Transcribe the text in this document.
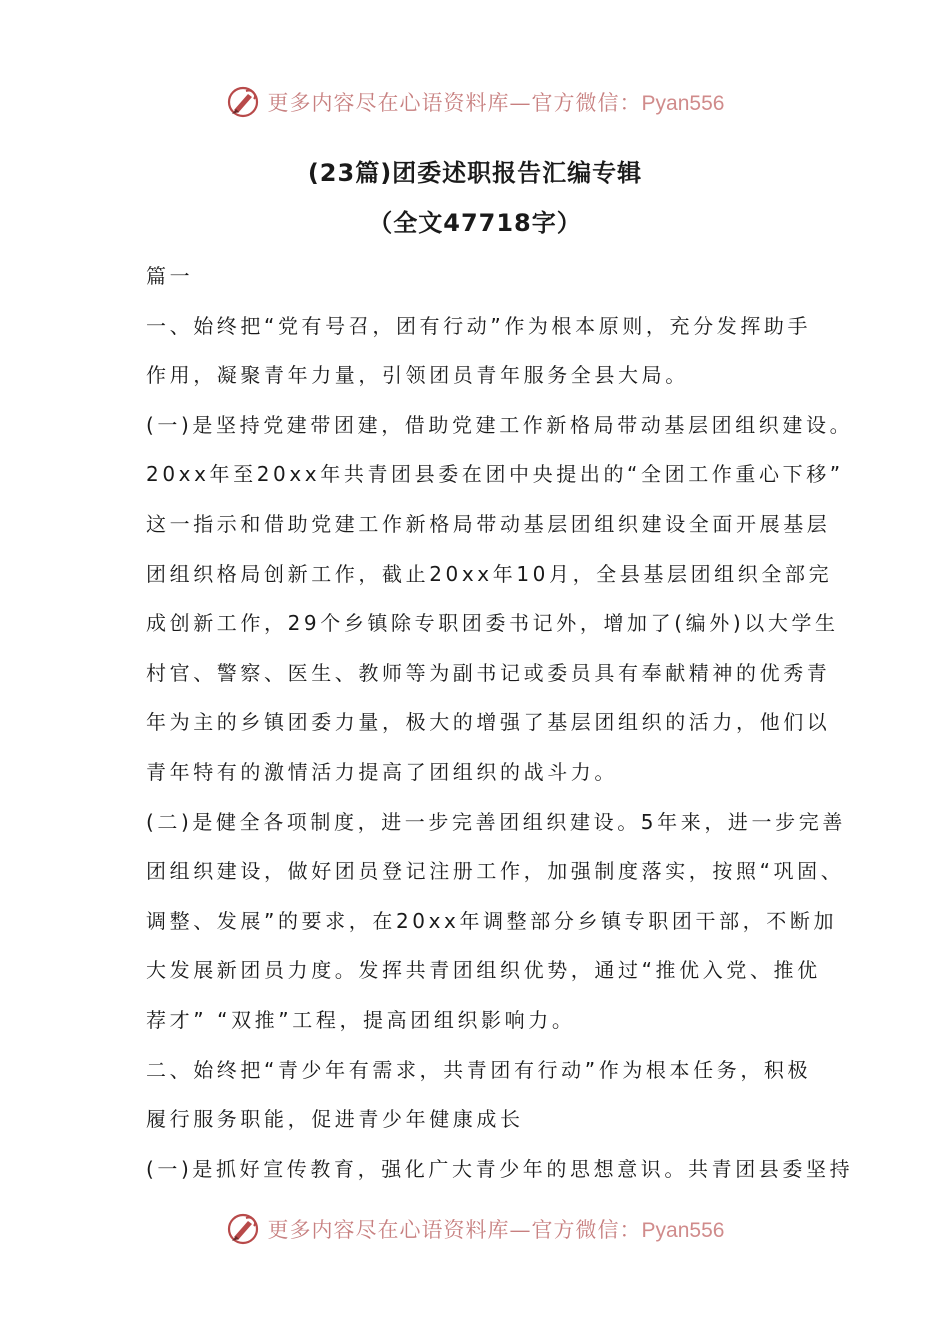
更多内容尽在心语资料库—官方微信：Pyan556
(23篇)团委述职报告汇编专辑
（全文47718字）

篇一

一、始终把“党有号召，团有行动”作为根本原则，充分发挥助手

作用，凝聚青年力量，引领团员青年服务全县大局。

(一)是坚持党建带团建，借助党建工作新格局带动基层团组织建设。

20xx年至20xx年共青团县委在团中央提出的“全团工作重心下移”

这一指示和借助党建工作新格局带动基层团组织建设全面开展基层

团组织格局创新工作，截止20xx年10月，全县基层团组织全部完

成创新工作，29个乡镇除专职团委书记外，增加了(编外)以大学生

村官、警察、医生、教师等为副书记或委员具有奉献精神的优秀青

年为主的乡镇团委力量，极大的增强了基层团组织的活力，他们以

青年特有的激情活力提高了团组织的战斗力。

(二)是健全各项制度，进一步完善团组织建设。5年来，进一步完善

团组织建设，做好团员登记注册工作，加强制度落实，按照“巩固、

调整、发展”的要求，在20xx年调整部分乡镇专职团干部，不断加

大发展新团员力度。发挥共青团组织优势，通过“推优入党、推优

荐才” “双推”工程，提高团组织影响力。

二、始终把“青少年有需求，共青团有行动”作为根本任务，积极

履行服务职能，促进青少年健康成长

(一)是抓好宣传教育，强化广大青少年的思想意识。共青团县委坚持

更多内容尽在心语资料库—官方微信：Pyan556
